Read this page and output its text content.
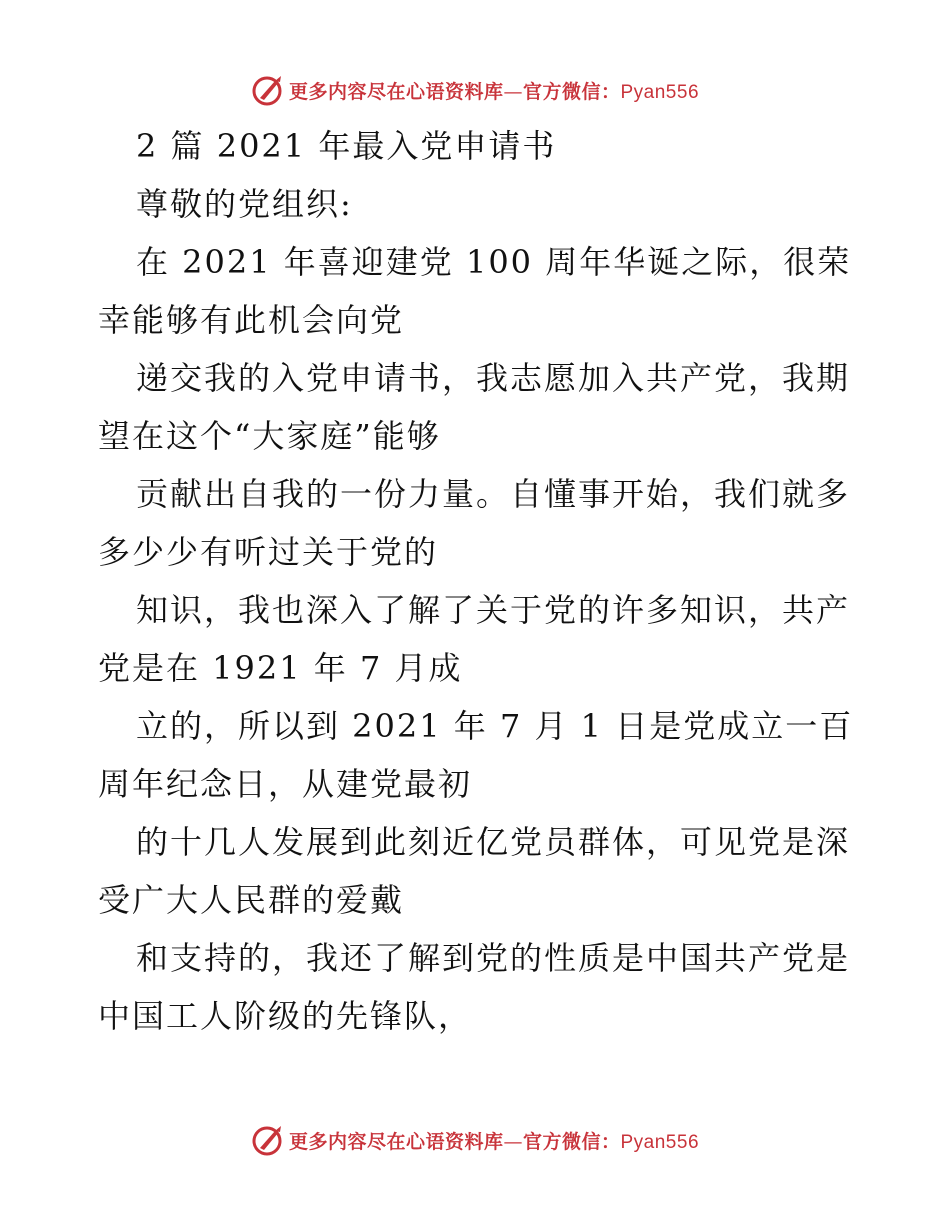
更多内容尽在心语资料库—官方微信：Pyan556

2 篇 2021 年最入党申请书

尊敬的党组织:

在 2021 年喜迎建党 100 周年华诞之际，很荣

幸能够有此机会向党

递交我的入党申请书，我志愿加入共产党，我期

望在这个“大家庭”能够

贡献出自我的一份力量。自懂事开始，我们就多

多少少有听过关于党的

知识，我也深入了解了关于党的许多知识，共产

党是在 1921 年 7 月成

立的，所以到 2021 年 7 月 1 日是党成立一百

周年纪念日，从建党最初

的十几人发展到此刻近亿党员群体，可见党是深

受广大人民群的爱戴

和支持的，我还了解到党的性质是中国共产党是

中国工人阶级的先锋队，

更多内容尽在心语资料库—官方微信：Pyan556
